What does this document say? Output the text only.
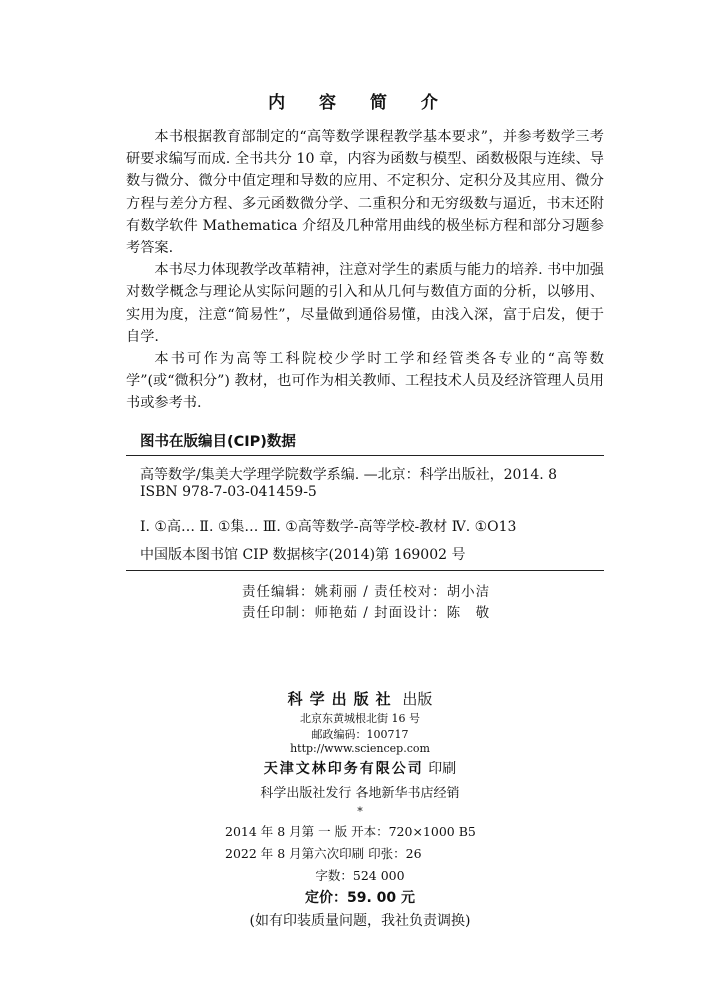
内 容 简 介

本书根据教育部制定的“高等数学课程教学基本要求”，并参考数学三考研要求编写而成. 全书共分 10 章，内容为函数与模型、函数极限与连续、导数与微分、微分中值定理和导数的应用、不定积分、定积分及其应用、微分方程与差分方程、多元函数微分学、二重积分和无穷级数与逼近，书末还附有数学软件 Mathematica 介绍及几种常用曲线的极坐标方程和部分习题参考答案.

本书尽力体现教学改革精神，注意对学生的素质与能力的培养. 书中加强对数学概念与理论从实际问题的引入和从几何与数值方面的分析，以够用、实用为度，注意“简易性”，尽量做到通俗易懂，由浅入深，富于启发，便于自学.

本书可作为高等工科院校少学时工学和经管类各专业的“高等数学”(或“微积分”) 教材，也可作为相关教师、工程技术人员及经济管理人员用书或参考书.

图书在版编目(CIP)数据
高等数学/集美大学理学院数学系编. —北京：科学出版社，2014. 8
ISBN 978-7-03-041459-5
Ⅰ. ①高… Ⅱ. ①集… Ⅲ. ①高等数学-高等学校-教材 Ⅳ. ①O13
中国版本图书馆 CIP 数据核字(2014)第 169002 号
责任编辑：姚莉丽 / 责任校对：胡小洁
责任印制：师艳茹 / 封面设计：陈　敬
科学出版社 出版
北京东黄城根北街 16 号
邮政编码：100717
http://www.sciencep.com
天津文林印务有限公司 印刷
科学出版社发行 各地新华书店经销
*
2014 年 8 月第 一 版 开本：720×1000 B5
2022 年 8 月第六次印刷 印张：26
字数：524 000
定价：59. 00 元
(如有印装质量问题，我社负责调换)
